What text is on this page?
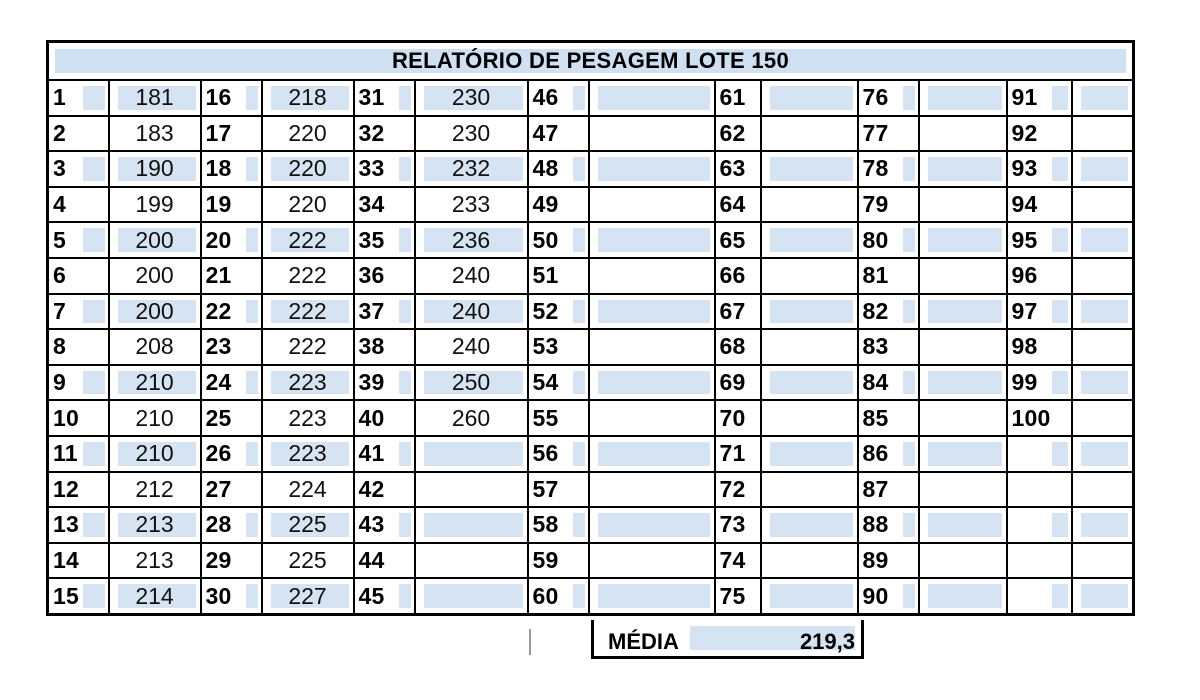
RELATÓRIO DE PESAGEM LOTE 150													

1	181	16	218	31	230	46		61		76		91	

2	183	17	220	32	230	47		62		77		92	

3	190	18	220	33	232	48		63		78		93	

4	199	19	220	34	233	49		64		79		94	

5	200	20	222	35	236	50		65		80		95	

6	200	21	222	36	240	51		66		81		96	

7	200	22	222	37	240	52		67		82		97	

8	208	23	222	38	240	53		68		83		98	

9	210	24	223	39	250	54		69		84		99	

10	210	25	223	40	260	55		70		85		100	

11	210	26	223	41		56		71		86	

12	212	27	224	42		57		72		87			

13	213	28	225	43		58		73		88	

14	213	29	225	44		59		74		89			

15	214	30	227	45		60		75		90	

MÉDIA	219,3
